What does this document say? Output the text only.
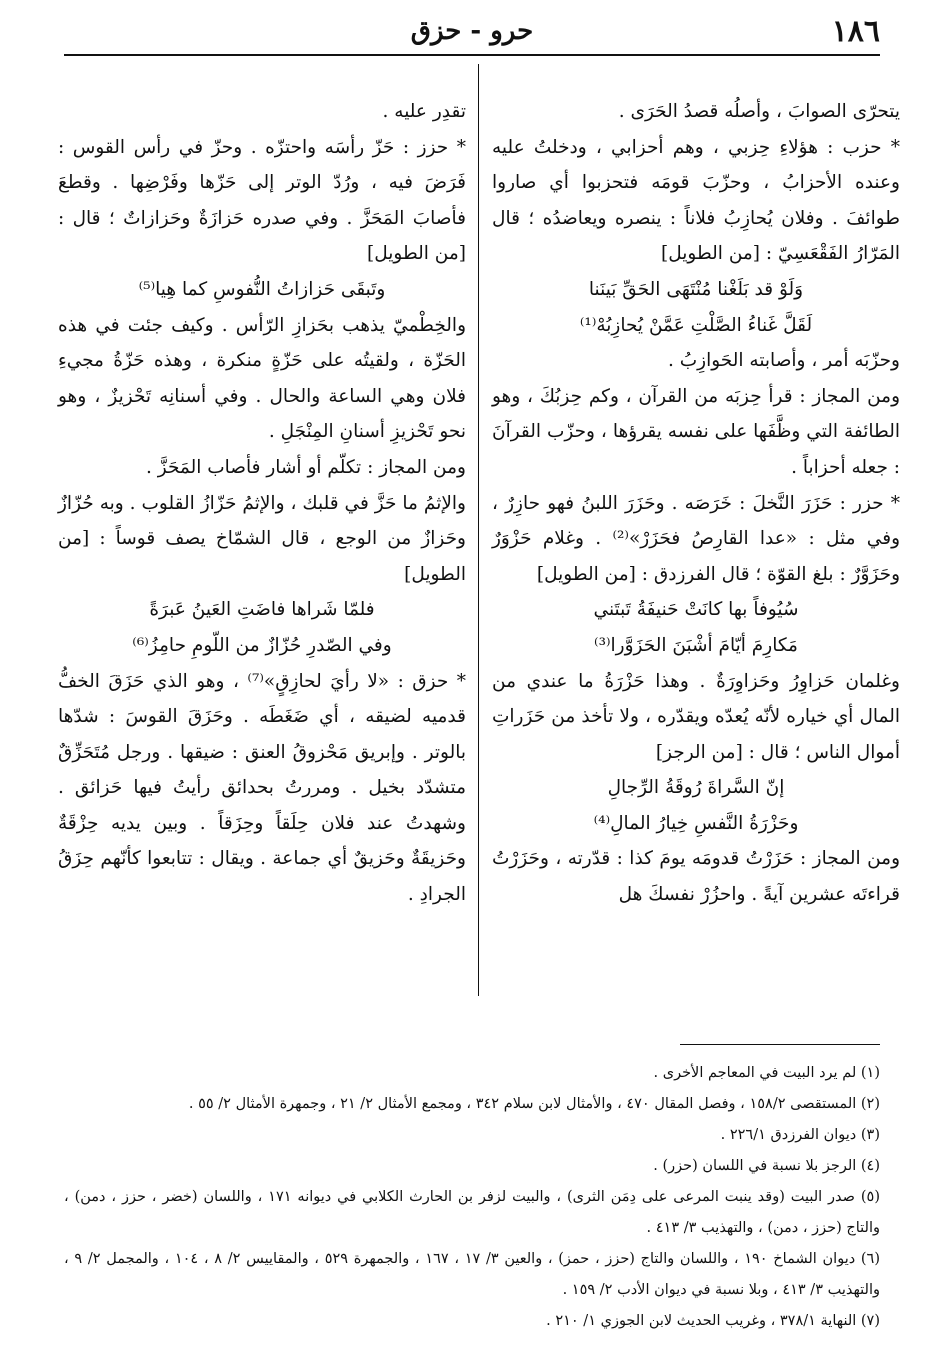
١٨٦
حرو - حزق

يتحرّى الصوابَ ، وأصلُه قصدُ الحَرَى .

* حزب : هؤلاءِ حِزبي ، وهم أحزابي ، ودخلتُ عليه وعنده الأحزابُ ، وحزّبَ قومَه فتحزبوا أي صاروا طوائفَ . وفلان يُحازِبُ فلاناً : ينصره ويعاضدُه ؛ قال المَرّارُ الفَقْعَسِيّ : [من الطويل]

وَلَوْ قد بَلَغْنا مُنْتَهَى الحَقِّ بَينَنا

لَقَلَّ غَناءُ الصَّلْتِ عَمَّنْ يُحازِبُهْ⁽¹⁾

وحزّبَه أمر ، وأصابته الحَوازِبُ .

ومن المجاز : قرأ حِزبَه من القرآن ، وكم حِزبُكَ ، وهو الطائفة التي وظَّفَها على نفسه يقرؤها ، وحزّب القرآنَ : جعله أحزاباً .

* حزر : حَزَرَ النَّخلَ : خَرَصَه . وحَزَرَ اللبنُ فهو حازِرٌ ، وفي مثل : «عدا القارِصُ فحَزَرْ»⁽²⁾ . وغلام حَزْوَرٌ وحَزَوَّرٌ : بلغ القوّة ؛ قال الفرزدق : [من الطويل]

سُيُوفاً بها كانَتْ حَنيفَةُ تَبتَني

مَكارِمَ أيّامَ أشْبَنَ الحَزَوَّرا⁽³⁾

وغلمان حَزاوِرُ وحَزاوِرَةٌ . وهذا حَزْرَةُ ما عندي من المال أي خياره لأنّه يُعدّه ويقدّره ، ولا تأخذ من حَزَراتِ أموال الناس ؛ قال : [من الرجز]

إنّ السَّراةَ رُوقَةُ الرِّجالِ

وحَزْرَةُ النَّفسِ خِيارُ المالِ⁽⁴⁾

ومن المجاز : حَزَرْتُ قدومَه يومَ كذا : قدّرته ، وحَزَرْتُ قراءتَه عشرين آيةً . واحزُرْ نفسكَ هل

تقدِر عليه .

* حزز : حَزّ رأسَه واحتزّه . وحزّ في رأس القوس : فَرَضَ فيه ، ورُدّ الوتر إلى حَزّها وفَرْضِها . وقطعَ فأصابَ المَحَزَّ . وفي صدره حَزازَةٌ وحَزازاتٌ ؛ قال : [من الطويل]

وتَبقَى حَزازاتُ النُّفوسِ كما هِيا⁽⁵⁾

والخِطْميّ يذهب بحَزازِ الرّأس . وكيف جئت في هذه الحَزّة ، ولقيتُه على حَزّةٍ منكرة ، وهذه حَزّةُ مجيءِ فلان وهي الساعة والحال . وفي أسنانِه تَحْزيزٌ ، وهو نحو تَحْزيزِ أسنانِ المِنْجَلِ .

ومن المجاز : تكلّم أو أشار فأصاب المَحَزَّ .

والإثمُ ما حَزَّ في قلبك ، والإثمُ حَزّازُ القلوب . وبه حُزّازٌ وحَزازٌ من الوجع ، قال الشمّاخ يصف قوساً : [من الطويل]

فلمّا شَراها فاضَتِ العَينُ عَبرَةً

وفي الصّدرِ حُزّازٌ من اللّومِ حامِزُ⁽⁶⁾

* حزق : «لا رأيَ لحازِقٍ»⁽⁷⁾ ، وهو الذي حَزَقَ الخفُّ قدميه لضيقه ، أي ضَغَطَه . وحَزَقَ القوسَ : شدّها بالوتر . وإبريق مَحْزوقُ العنق : ضيقها . ورجل مُتَحَزِّقٌ متشدّد بخيل . ومررتُ بحدائق رأيتُ فيها حَزائق . وشهدتُ عند فلان حِلَقاً وحِزَقاً . وبين يديه حِزْقَةٌ وحَزيقَةٌ وحَزيقٌ أي جماعة . ويقال : تتابعوا كأنّهم حِزَقُ الجرادِ .

(١) لم يرد البيت في المعاجم الأخرى .

(٢) المستقصى ١٥٨/٢ ، وفصل المقال ٤٧٠ ، والأمثال لابن سلام ٣٤٢ ، ومجمع الأمثال ٢/ ٢١ ، وجمهرة الأمثال ٢/ ٥٥ .

(٣) ديوان الفرزدق ٢٢٦/١ .

(٤) الرجز بلا نسبة في اللسان (حزر) .

(٥) صدر البيت (وقد ينبت المرعى على دِمَن الثرى) ، والبيت لزفر بن الحارث الكلابي في ديوانه ١٧١ ، واللسان (خضر ، حزز ، دمن) ، والتاج (حزز ، دمن) ، والتهذيب ٣/ ٤١٣ .

(٦) ديوان الشماخ ١٩٠ ، واللسان والتاج (حزز ، حمز) ، والعين ٣/ ١٧ ، ١٦٧ ، والجمهرة ٥٢٩ ، والمقاييس ٢/ ٨ ، ١٠٤ ، والمجمل ٢/ ٩ ، والتهذيب ٣/ ٤١٣ ، وبلا نسبة في ديوان الأدب ٢/ ١٥٩ .

(٧) النهاية ٣٧٨/١ ، وغريب الحديث لابن الجوزي ١/ ٢١٠ .
